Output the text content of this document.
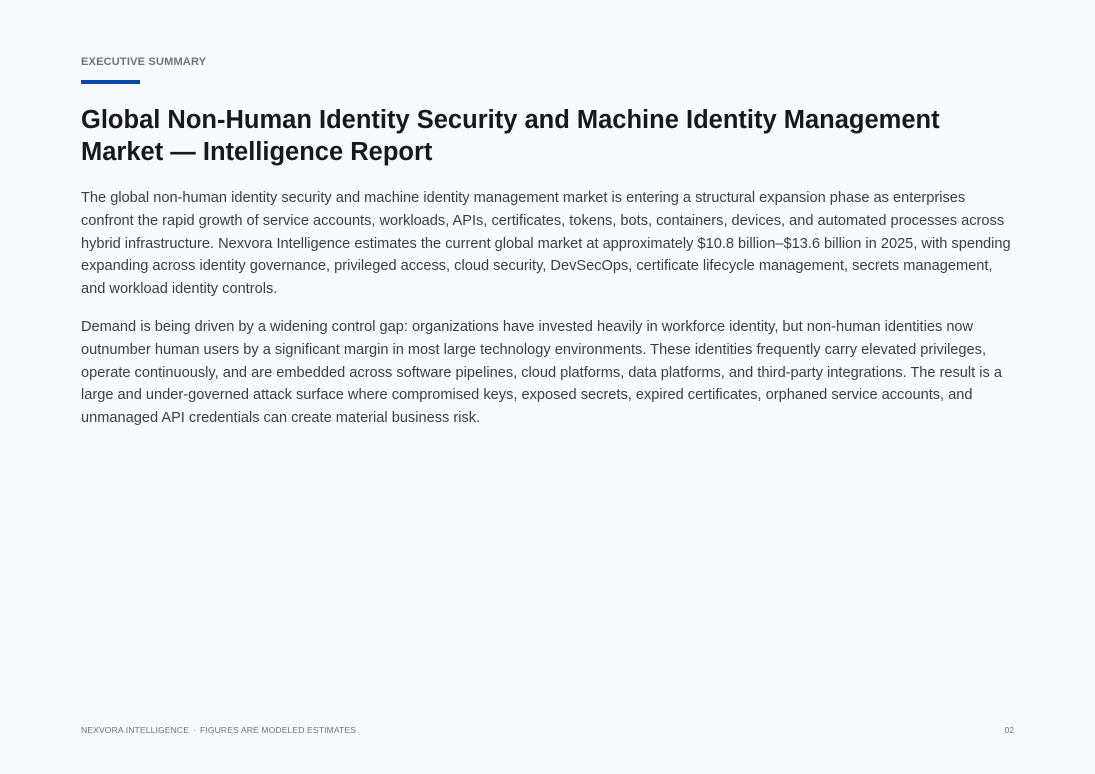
EXECUTIVE SUMMARY
Global Non-Human Identity Security and Machine Identity Management Market — Intelligence Report

The global non-human identity security and machine identity management market is entering a structural expansion phase as enterprises confront the rapid growth of service accounts, workloads, APIs, certificates, tokens, bots, containers, devices, and automated processes across hybrid infrastructure. Nexvora Intelligence estimates the current global market at approximately $10.8 billion–$13.6 billion in 2025, with spending expanding across identity governance, privileged access, cloud security, DevSecOps, certificate lifecycle management, secrets management, and workload identity controls.

Demand is being driven by a widening control gap: organizations have invested heavily in workforce identity, but non-human identities now outnumber human users by a significant margin in most large technology environments. These identities frequently carry elevated privileges, operate continuously, and are embedded across software pipelines, cloud platforms, data platforms, and third-party integrations. The result is a large and under-governed attack surface where compromised keys, exposed secrets, expired certificates, orphaned service accounts, and unmanaged API credentials can create material business risk.

NEXVORA INTELLIGENCE · FIGURES ARE MODELED ESTIMATES	02
